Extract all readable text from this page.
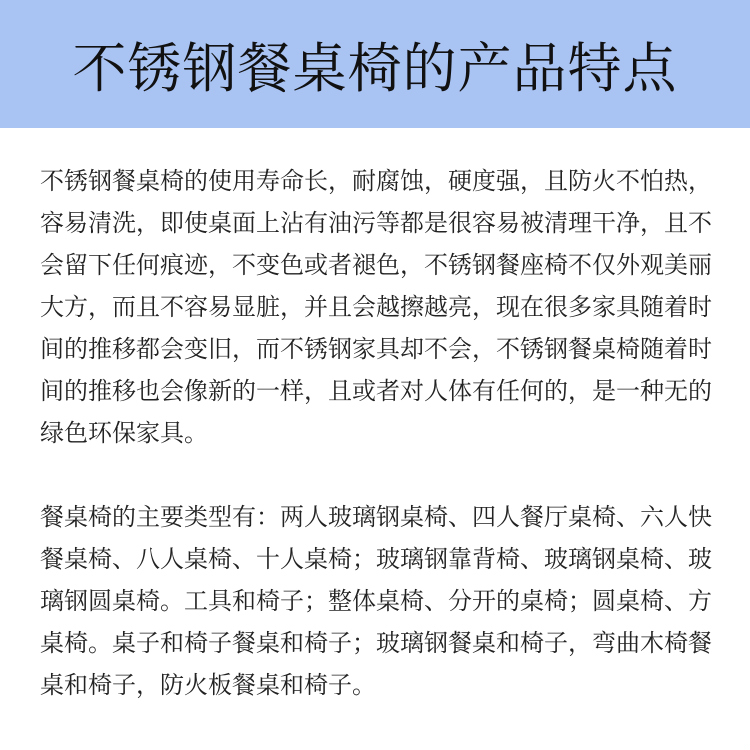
不锈钢餐桌椅的产品特点

不锈钢餐桌椅的使用寿命长，耐腐蚀，硬度强，且防火不怕热，容易清洗，即使桌面上沾有油污等都是很容易被清理干净，且不会留下任何痕迹，不变色或者褪色，不锈钢餐座椅不仅外观美丽大方，而且不容易显脏，并且会越擦越亮，现在很多家具随着时间的推移都会变旧，而不锈钢家具却不会，不锈钢餐桌椅随着时间的推移也会像新的一样，且或者对人体有任何的，是一种无的绿色环保家具。

餐桌椅的主要类型有：两人玻璃钢桌椅、四人餐厅桌椅、六人快餐桌椅、八人桌椅、十人桌椅；玻璃钢靠背椅、玻璃钢桌椅、玻璃钢圆桌椅。工具和椅子；整体桌椅、分开的桌椅；圆桌椅、方桌椅。桌子和椅子餐桌和椅子；玻璃钢餐桌和椅子，弯曲木椅餐桌和椅子，防火板餐桌和椅子。
